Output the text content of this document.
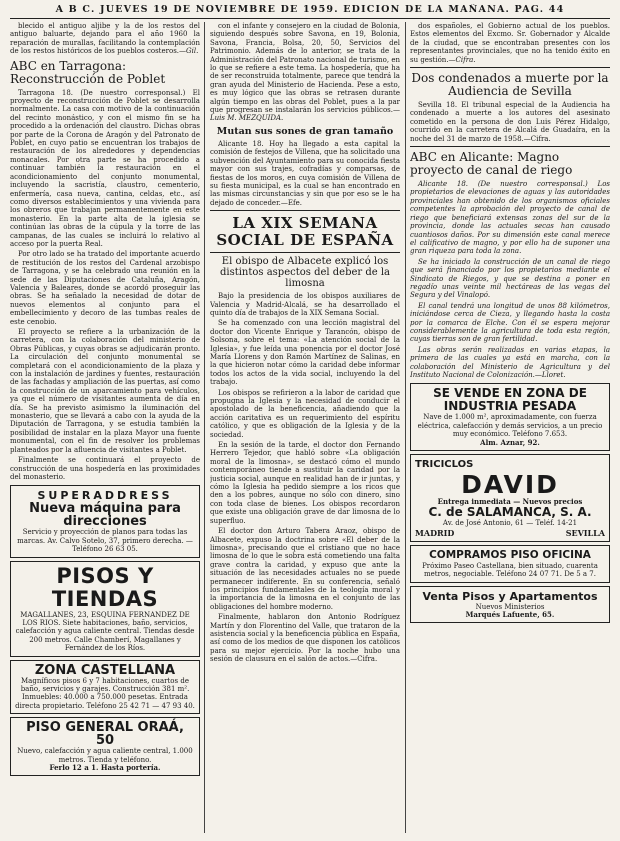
A B C. JUEVES 19 DE NOVIEMBRE DE 1959. EDICION DE LA MAÑANA. PAG. 44

blecido el antiguo aljibe y la de los restos del antiguo baluarte, dejando para el año 1960 la reparación de murallas, facilitando la contemplación de los restos históricos de los pueblos costeros.—Gil.

ABC en Tarragona: Reconstrucción de Poblet

Tarragona 18. (De nuestro corresponsal.) El proyecto de reconstrucción de Poblet se desarrolla normalmente. La casa con motivo de la continuación del recinto monástico, y con el mismo fin se ha procedido a la ordenación del claustro. Dichas obras por parte de la Corona de Aragón y del Patronato de Poblet, en cuyo patio se encuentran los trabajos de restauración de los alrededores y dependencias monacales. Por otra parte se ha procedido a continuar también la restauración en el acondicionamiento del conjunto monumental, incluyendo la sacristía, claustro, cementerio, enfermería, casa nueva, cantina, celdas, etc., así como diversos establecimientos y una vivienda para los obreros que trabajan permanentemente en este monasterio. En la parte alta de la iglesia se continúan las obras de la cúpula y la torre de las campanas, de las cuales se incluirá lo relativo al acceso por la puerta Real.

Por otro lado se ha tratado del importante acuerdo de restitución de los restos del Cardenal arzobispo de Tarragona, y se ha celebrado una reunión en la sede de las Diputaciones de Cataluña, Aragón, Valencia y Baleares, donde se acordó proseguir las obras. Se ha señalado la necesidad de dotar de nuevos elementos al conjunto para el embellecimiento y decoro de las tumbas reales de este cenobio.

El proyecto se refiere a la urbanización de la carretera, con la colaboración del ministerio de Obras Públicas, y cuyas obras se adjudicarán pronto. La circulación del conjunto monumental se completará con el acondicionamiento de la plaza y con la instalación de jardines y fuentes, restauración de las fachadas y ampliación de las puertas, así como la construcción de un aparcamiento para vehículos, ya que el número de visitantes aumenta de día en día. Se ha previsto asimismo la iluminación del monasterio, que se llevará a cabo con la ayuda de la Diputación de Tarragona, y se estudia también la posibilidad de instalar en la plaza Mayor una fuente monumental, con el fin de resolver los problemas planteados por la afluencia de visitantes a Poblet.

Finalmente se continuará el proyecto de construcción de una hospedería en las proximidades del monasterio.

SUPERADDRESS
Nueva máquina para direcciones
Servicio y proyección de planos para todas las marcas. Av. Calvo Sotelo, 37, primero derecha. — Teléfono 26 63 05.
PISOS Y TIENDAS
MAGALLANES, 23, ESQUINA FERNANDEZ DE LOS RIOS. Siete habitaciones, baño, servicios, calefacción y agua caliente central. Tiendas desde 200 metros. Calle Chamberí, Magallanes y Fernández de los Ríos.
ZONA CASTELLANA
Magníficos pisos 6 y 7 habitaciones, cuartos de baño, servicios y garajes. Construcción 381 m². Inmuebles: 40.000 a 750.000 pesetas. Entrada directa propietario. Teléfono 25 42 71 — 47 93 40.
PISO GENERAL ORAÁ, 50
Nuevo, calefacción y agua caliente central, 1.000 metros. Tienda y teléfono.
Ferlo 12 a 1. Hasta portería.

con el infante y consejero en la ciudad de Bolonia, siguiendo después sobre Savona, en 19, Bolonia, Savona, Francia, Bolsa, 20, 50, Servicios del Patrimonio. Además de lo anterior, se trata de la Administración del Patronato nacional de turismo, en lo que se refiere a este tema. La hospedería, que ha de ser reconstruida totalmente, parece que tendrá la gran ayuda del Ministerio de Hacienda. Pese a esto, es muy lógico que las obras se retrasen durante algún tiempo en las obras del Poblet, pues a la par que progresan se instalarán los servicios públicos.—Luis M. MEZQUIDA.

Mutan sus sones de gran tamaño

Alicante 18. Hoy ha llegado a esta capital la comisión de festejos de Villena, que ha solicitado una subvención del Ayuntamiento para su conocida fiesta mayor con sus trajes, cofradías y comparsas, de fiestas de los moros, en cuya comisión de Villena de su fiesta municipal, es la cual se han encontrado en las mismas circunstancias y sin que por eso se le ha dejado de conceder.—Efe.

LA XIX SEMANA SOCIAL DE ESPAÑA
El obispo de Albacete explicó los distintos aspectos del deber de la limosna

Bajo la presidencia de los obispos auxiliares de Valencia y Madrid-Alcalá, se ha desarrollado el quinto día de trabajos de la XIX Semana Social.

Se ha comenzado con una lección magistral del doctor don Vicente Enrique y Tarancón, obispo de Solsona, sobre el tema: «La atención social de la Iglesia», y fue leída una ponencia por el doctor José María Llorens y don Ramón Martínez de Salinas, en la que hicieron notar cómo la caridad debe informar todos los actos de la vida social, incluyendo la del trabajo.

Los obispos se refirieron a la labor de caridad que propugna la Iglesia y la necesidad de conducir el apostolado de la beneficencia, añadiendo que la acción caritativa es un requerimiento del espíritu católico, y que es obligación de la Iglesia y de la sociedad.

En la sesión de la tarde, el doctor don Fernando Herrero Tejedor, que habló sobre «La obligación moral de la limosna», se destacó cómo el mundo contemporáneo tiende a sustituir la caridad por la justicia social, aunque en realidad han de ir juntas, y cómo la Iglesia ha pedido siempre a los ricos que den a los pobres, aunque no sólo con dinero, sino con toda clase de bienes. Los obispos recordaron que existe una obligación grave de dar limosna de lo superfluo.

El doctor don Arturo Tabera Araoz, obispo de Albacete, expuso la doctrina sobre «El deber de la limosna», precisando que el cristiano que no hace limosna de lo que le sobra está cometiendo una falta grave contra la caridad, y expuso que ante la situación de las necesidades actuales no se puede permanecer indiferente. En su conferencia, señaló los principios fundamentales de la teología moral y la importancia de la limosna en el conjunto de las obligaciones del hombre moderno.

Finalmente, hablaron don Antonio Rodríguez Martín y don Florentino del Valle, que trataron de la asistencia social y la beneficencia pública en España, así como de los medios de que disponen los católicos para su mejor ejercicio. Por la noche hubo una sesión de clausura en el salón de actos.—Cifra.

dos españoles, el Gobierno actual de los pueblos. Estos elementos del Excmo. Sr. Gobernador y Alcalde de la ciudad, que se encontraban presentes con los representantes provinciales, que no ha tenido éxito en su gestión.—Cifra.

Dos condenados a muerte por la Audiencia de Sevilla

Sevilla 18. El tribunal especial de la Audiencia ha condenado a muerte a los autores del asesinato cometido en la persona de don Luis Pérez Hidalgo, ocurrido en la carretera de Alcalá de Guadaíra, en la noche del 31 de marzo de 1958.—Cifra.

ABC en Alicante: Magno proyecto de canal de riego

Alicante 18. (De nuestro corresponsal.) Los propietarios de elevaciones de aguas y las autoridades provinciales han obtenido de los organismos oficiales competentes la aprobación del proyecto de canal de riego que beneficiará extensas zonas del sur de la provincia, donde las actuales secas han causado cuantiosos daños. Por su dimensión este canal merece el calificativo de magno, y por ello ha de suponer una gran riqueza para toda la zona.

Se ha iniciado la construcción de un canal de riego que será financiado por los propietarios mediante el Sindicato de Riegos, y que se destina a poner en regadío unas veinte mil hectáreas de las vegas del Segura y del Vinalopó.

El canal tendrá una longitud de unos 88 kilómetros, iniciándose cerca de Cieza, y llegando hasta la costa por la comarca de Elche. Con él se espera mejorar considerablemente la agricultura de toda esta región, cuyas tierras son de gran fertilidad.

Las obras serán realizadas en varias etapas, la primera de las cuales ya está en marcha, con la colaboración del Ministerio de Agricultura y del Instituto Nacional de Colonización.—Lloret.

SE VENDE EN ZONA DE INDUSTRIA PESADA
Nave de 1.000 m², aproximadamente, con fuerza eléctrica, calefacción y demás servicios, a un precio muy económico. Teléfono 7.653.
Alm. Aznar, 92.
TRICICLOS
DAVID
Entrega inmediata — Nuevos precios
C. de SALAMANCA, S. A.
Av. de José Antonio, 61 — Teléf. 14-21
MADRID	SEVILLA
COMPRAMOS PISO OFICINA
Próximo Paseo Castellana, bien situado, cuarenta metros, negociable. Teléfono 24 07 71. De 5 a 7.
Venta Pisos y Apartamentos
Nuevos Ministerios
Marqués Lafuente, 65.
